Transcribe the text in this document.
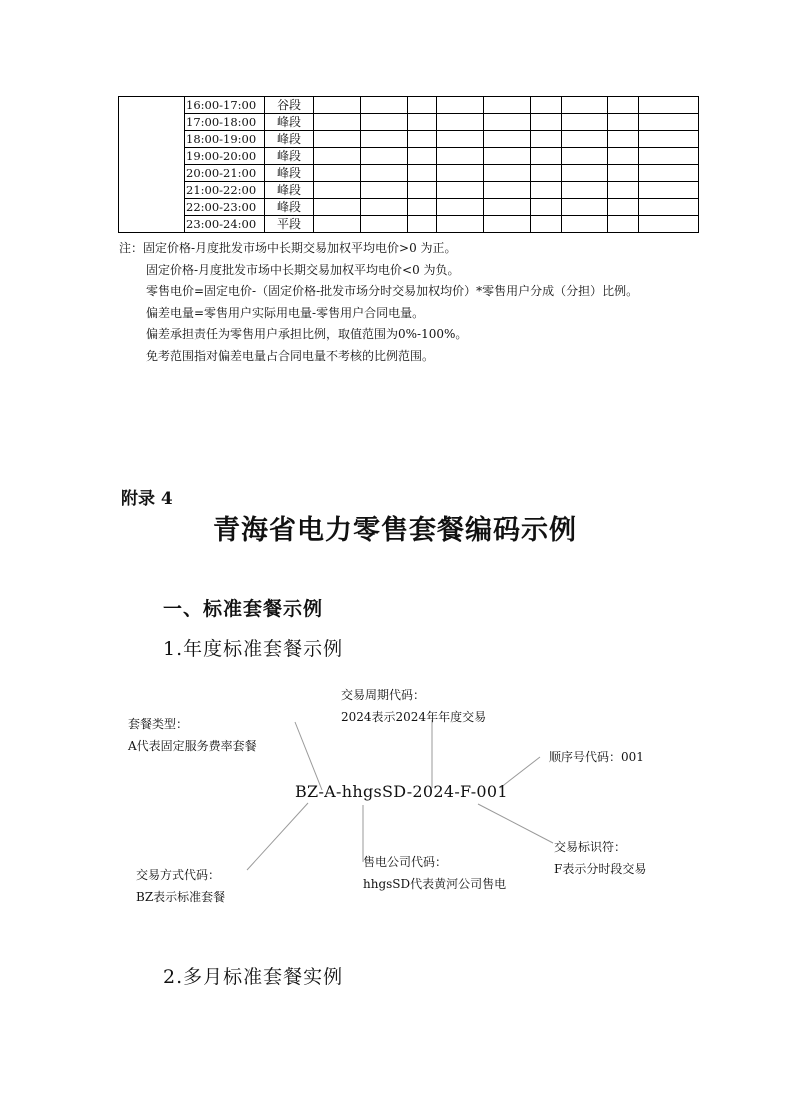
	16:00-17:00	谷段									
	17:00-18:00	峰段									
	18:00-19:00	峰段									
	19:00-20:00	峰段									
	20:00-21:00	峰段									
	21:00-22:00	峰段									
	22:00-23:00	峰段									
	23:00-24:00	平段									
注：固定价格-月度批发市场中长期交易加权平均电价>0 为正。
固定价格-月度批发市场中长期交易加权平均电价<0 为负。
零售电价=固定电价-（固定价格-批发市场分时交易加权均价）*零售用户分成（分担）比例。
偏差电量=零售用户实际用电量-零售用户合同电量。
偏差承担责任为零售用户承担比例，取值范围为0%-100%。
免考范围指对偏差电量占合同电量不考核的比例范围。
附录 4
青海省电力零售套餐编码示例
一、标准套餐示例
1.年度标准套餐示例
BZ-A-hhgsSD-2024-F-001
交易周期代码：
2024表示2024年年度交易
套餐类型：
A代表固定服务费率套餐
顺序号代码：001
交易标识符：
F表示分时段交易
售电公司代码：
hhgsSD代表黄河公司售电
交易方式代码：
BZ表示标准套餐
2.多月标准套餐实例
